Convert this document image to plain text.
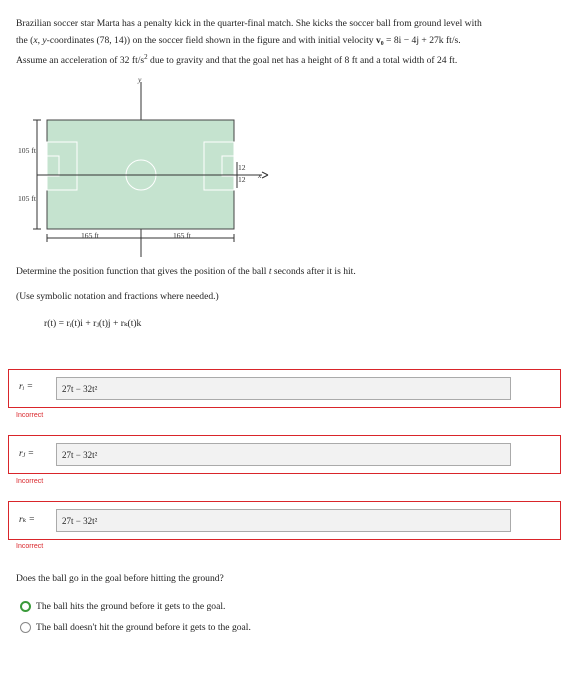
Brazilian soccer star Marta has a penalty kick in the quarter-final match. She kicks the soccer ball from ground level with
the (x, y-coordinates (78, 14)) on the soccer field shown in the figure and with initial velocity v₀ = 8i − 4j + 27k ft/s.
Assume an acceleration of 32 $ft/s^2$ due to gravity and that the goal net has a height of 8 ft and a total width of 24 ft.
y
x
105 ft
105 ft
165 ft	165 ft
12
12
Determine the position function that gives the position of the ball t seconds after it is hit.
(Use symbolic notation and fractions where needed.)
r(t) = rᵢ(t)i + rⱼ(t)j + rₖ(t)k
rᵢ =	27t − 32t²
Incorrect
rⱼ =	27t − 32t²
Incorrect
rₖ =	27t − 32t²
Incorrect
Does the ball go in the goal before hitting the ground?
The ball hits the ground before it gets to the goal.
The ball doesn't hit the ground before it gets to the goal.
